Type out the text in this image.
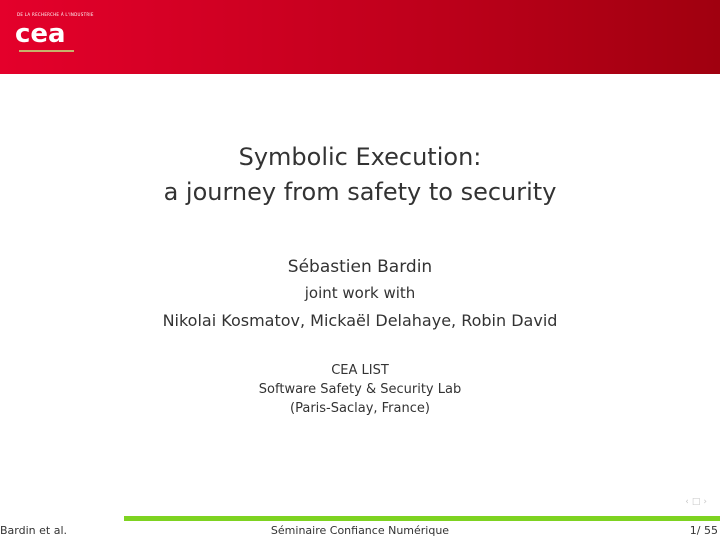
DE LA RECHERCHE À L'INDUSTRIE
cea
Symbolic Execution:
a journey from safety to security
Sébastien Bardin
joint work with
Nikolai Kosmatov, Mickaël Delahaye, Robin David
CEA LIST
Software Safety & Security Lab
(Paris-Saclay, France)
‹□›
Bardin et al.	Séminaire Confiance Numérique	1/ 55
